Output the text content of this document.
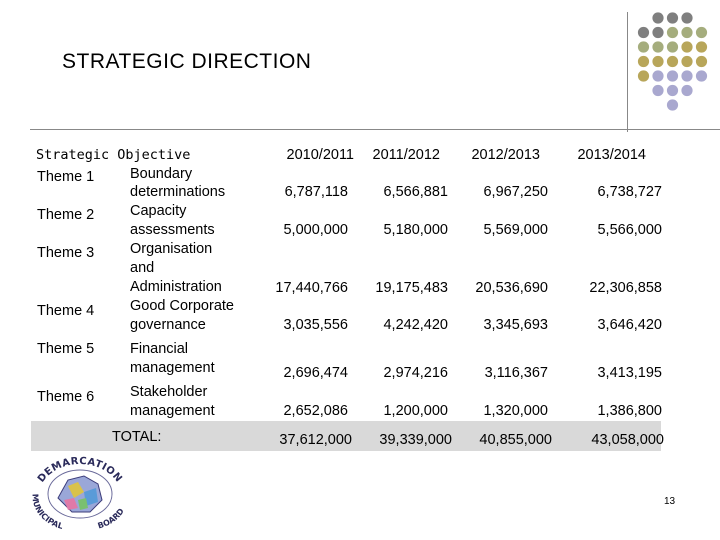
STRATEGIC DIRECTION
Strategic Objective	2010/2011	2011/2012	2012/2013	2013/2014
Theme 1 Boundary
determinations	6,787,118	6,566,881	6,967,250	6,738,727
Theme 2 Capacity
assessments	5,000,000	5,180,000	5,569,000	5,566,000
Theme 3 Organisation
and
Administration	17,440,766	19,175,483	20,536,690	22,306,858
Theme 4 Good Corporate
governance	3,035,556	4,242,420	3,345,693	3,646,420
Theme 5 Financial
management	2,696,474	2,974,216	3,116,367	3,413,195
Theme 6 Stakeholder
management	2,652,086	1,200,000	1,320,000	1,386,800
TOTAL:	37,612,000	39,339,000	40,855,000	43,058,000
DEMARCATION
MUNICIPAL	BOARD
13
